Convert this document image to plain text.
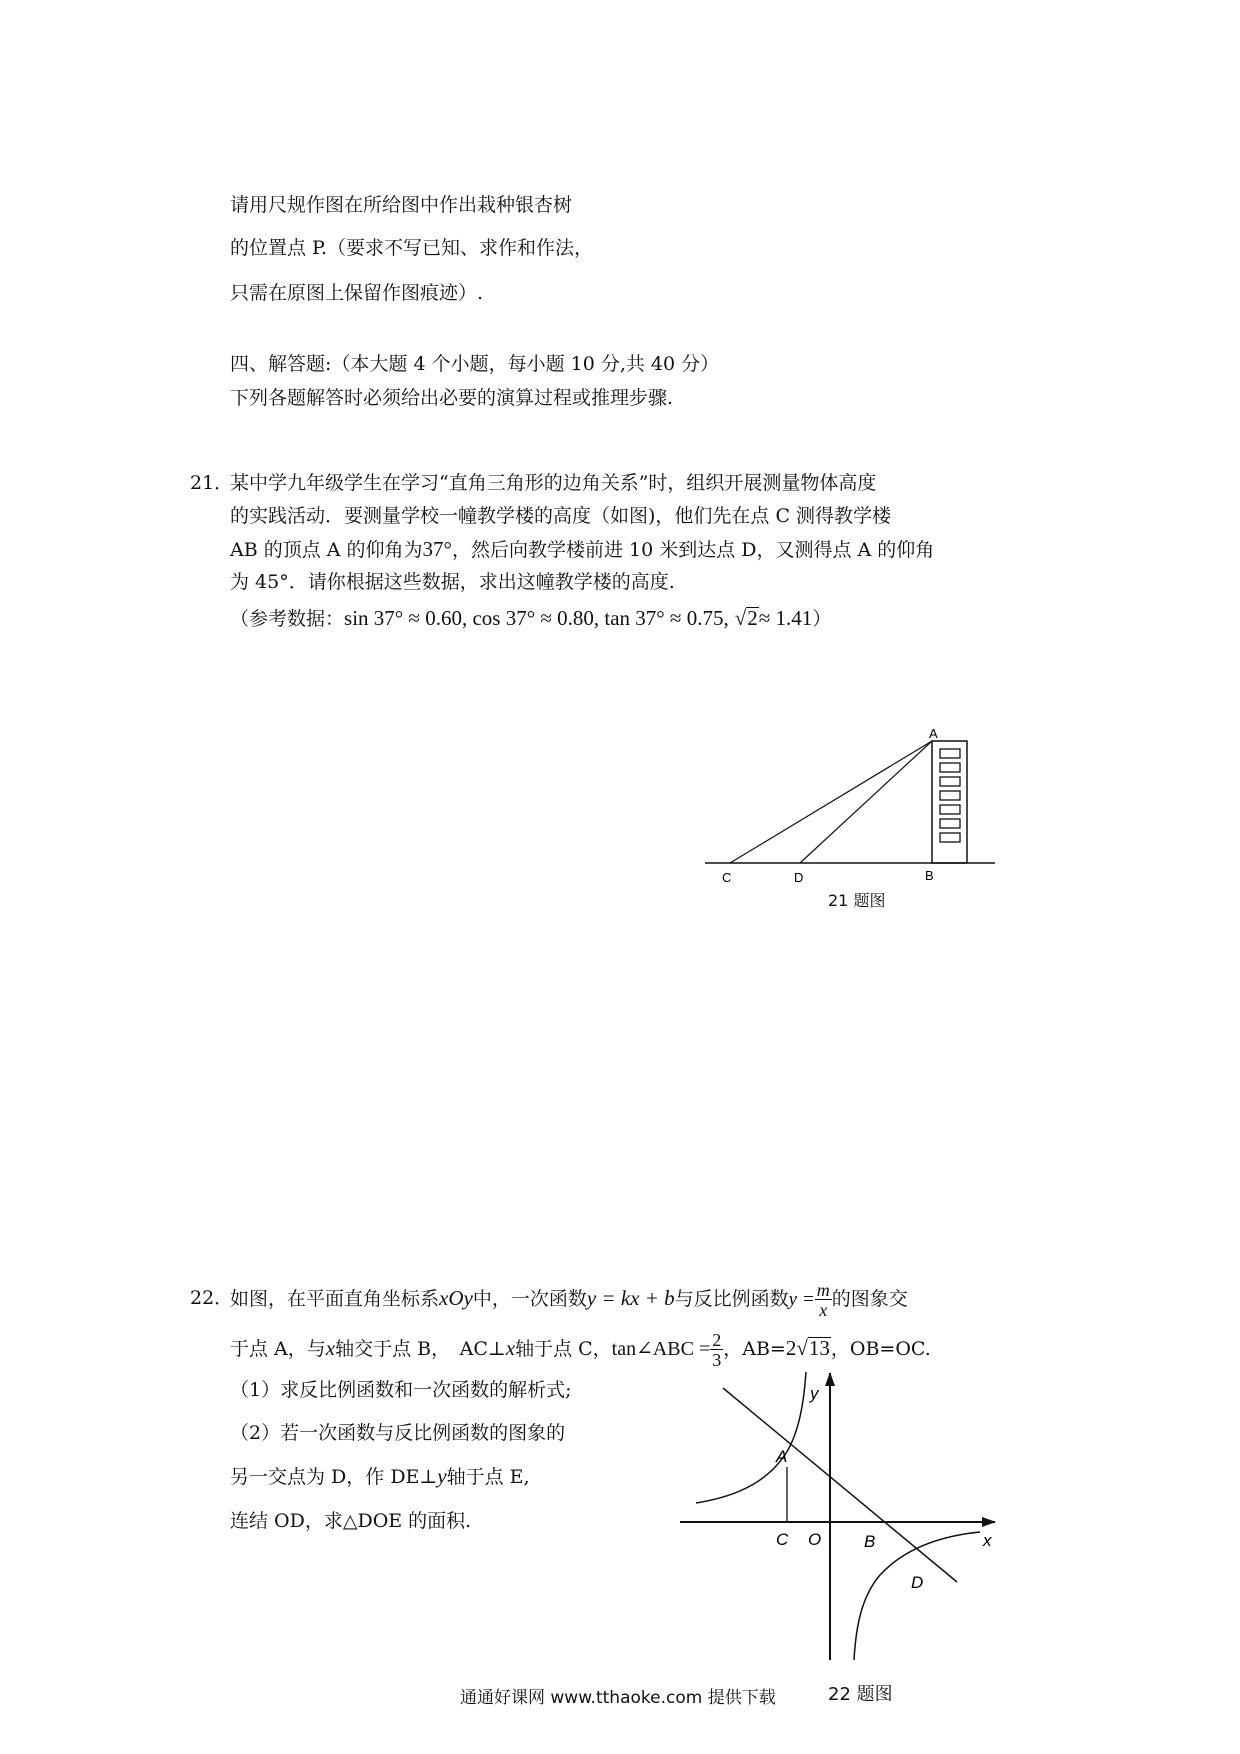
请用尺规作图在所给图中作出栽种银杏树
的位置点 P.（要求不写已知、求作和作法，
只需在原图上保留作图痕迹）.
四、解答题:（本大题 4 个小题，每小题 10 分,共 40 分）
下列各题解答时必须给出必要的演算过程或推理步骤.
21．
某中学九年级学生在学习“直角三角形的边角关系”时，组织开展测量物体高度
的实践活动．要测量学校一幢教学楼的高度（如图)，他们先在点 C 测得教学楼
AB 的顶点 A 的仰角为37°，然后向教学楼前进 10 米到达点 D，又测得点 A 的仰角
为 45°．请你根据这些数据，求出这幢教学楼的高度.
（参考数据：sin 37° ≈ 0.60, cos 37° ≈ 0.80, tan 37° ≈ 0.75, √2≈ 1.41）
A
B
C	D
21 题图
22．
如图，在平面直角坐标系xOy中，一次函数y = kx + b与反比例函数$y = \frac{m}{x}$ 的图象交
于点 A，与x轴交于点 B，　AC⊥x轴于点 C，tan∠ABC = $\frac{2}{3}$ ，AB=2√13，OB=OC.
（1）求反比例函数和一次函数的解析式;
（2）若一次函数与反比例函数的图象的
另一交点为 D，作 DE⊥y轴于点 E,
连结 OD，求△DOE 的面积.
y
x
A
C O	B
D
22 题图
通通好课网 www.tthaoke.com 提供下载
